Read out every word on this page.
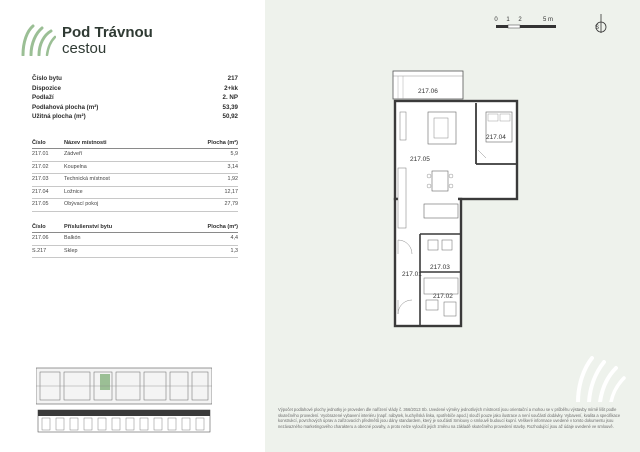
Pod Trávnou
cestou
Číslo bytu	217
Dispozice	2+kk
Podlaží	2. NP
Podlahová plocha (m²)	53,39
Užitná plocha (m²)	50,92
Číslo	Název místnosti	Plocha (m²)
217.01	Zádveří	5,9
217.02	Koupelna	3,14
217.03	Technická místnost	1,92
217.04	Ložnice	12,17
217.05	Obývací pokoj	27,79
Číslo	Příslušenství bytu	Plocha (m²)
217.06	Balkón	4,4
S.217	Sklep	1,3
0 1 2	5 m
S
217.06
217.04
217.05
217.01
217.03
217.02
Výpočet podlahové plochy jednotky je proveden dle nařízení vlády č. 366/2013 Sb. Uvedené výměry jednotlivých místností jsou orientační a mohou se v průběhu výstavby mírně lišit podle skutečného provedení. Vyobrazené vybavení interiéru (např. nábytek, kuchyňská linka, spotřebiče apod.) slouží pouze jako ilustrace a není součástí dodávky. Vybavení, kvalita a specifikace konstrukcí, povrchových úprav a zařizovacích předmětů jsou dány standardem, který je součástí Smlouvy o smlouvě budoucí kupní. Veškeré informace uvedené v tomto dokumentu jsou nezávazného marketingového charakteru a obecné povahy, a proto nelze vyloučit jejich změnu na základě skutečného provedení stavby. Rozhodující jsou až údaje uvedené ve smlouvě.
